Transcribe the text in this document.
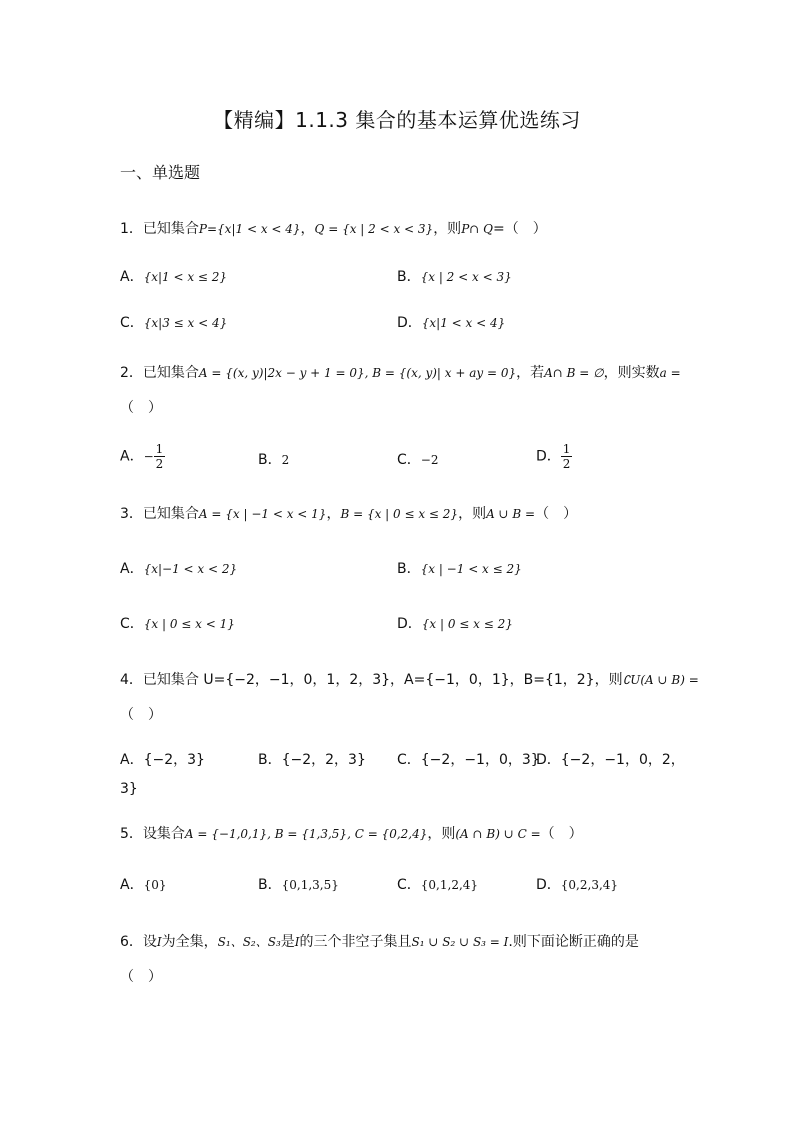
【精编】1.1.3 集合的基本运算优选练习
一、单选题
1．已知集合P={x|1 < x < 4}，Q = {x | 2 < x < 3}，则P∩ Q=（　）
A．{x|1 < x ≤ 2}	B．{x | 2 < x < 3}
C．{x|3 ≤ x < 4}	D．{x|1 < x < 4}
2．已知集合A = {(x, y)|2x − y + 1 = 0}, B = {(x, y)| x + ay = 0}，若A∩ B = ∅，则实数a =
（　）
A．− $\frac{1}{2}$	B．2	C．−2	D． $\frac{1}{2}$
3．已知集合A = {x | −1 < x < 1}，B = {x | 0 ≤ x ≤ 2}，则A ∪ B =（　）
A．{x|−1 < x < 2}	B．{x | −1 < x ≤ 2}
C．{x | 0 ≤ x < 1}	D．{x | 0 ≤ x ≤ 2}
4．已知集合 U={−2，−1，0，1，2，3}，A={−1，0，1}，B={1，2}，则∁U(A ∪ B) =
（　）
A．{−2，3}	B．{−2，2，3} C．{−2，−1，0，3}
D．{−2，−1，0，2，
3}
5．设集合A = {−1,0,1}, B = {1,3,5}, C = {0,2,4}，则(A ∩ B) ∪ C =（　）
A．{0}	B．{0,1,3,5}	C．{0,1,2,4}	D．{0,2,3,4}
6．设I为全集，S₁、S₂、S₃是I的三个非空子集且S₁ ∪ S₂ ∪ S₃ = I.则下面论断正确的是
（　）
